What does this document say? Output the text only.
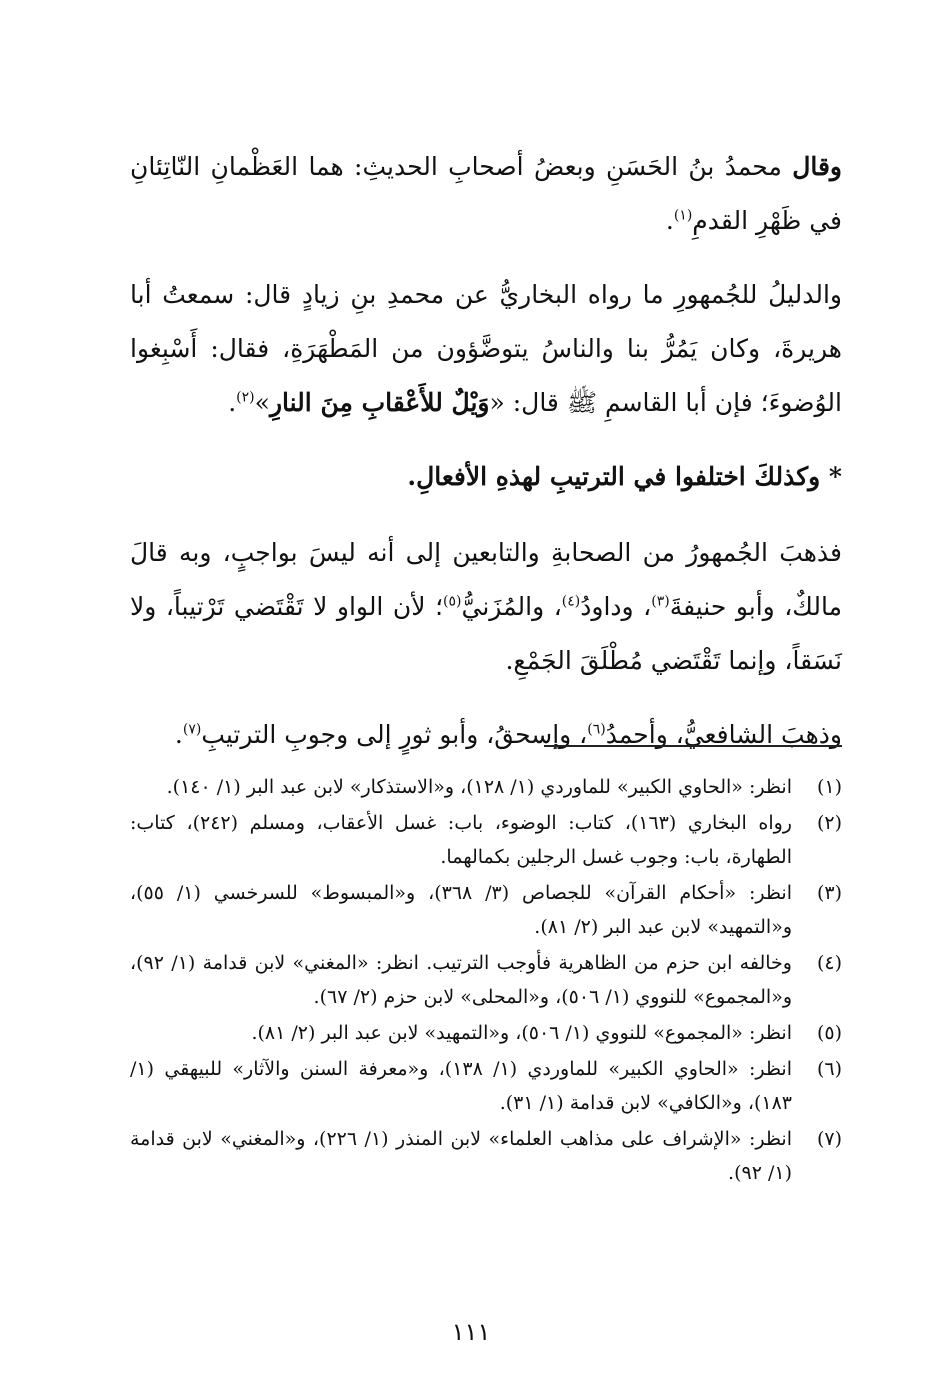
وقال محمدُ بنُ الحَسَنِ وبعضُ أصحابِ الحديثِ: هما العَظْمانِ النّاتِئانِ في ظَهْرِ القدمِ$^{(١)}$.

والدليلُ للجُمهورِ ما رواه البخاريُّ عن محمدِ بنِ زيادٍ قال: سمعتُ أبا هريرةَ، وكان يَمُرُّ بنا والناسُ يتوضَّؤون من المَطْهَرَةِ، فقال: أَسْبِغوا الوُضوءَ؛ فإن أبا القاسمِ ﷺ قال: «وَيْلٌ للأَعْقابِ مِنَ النارِ»$^{(٢)}$.

* وكذلكَ اختلفوا في الترتيبِ لهذهِ الأفعالِ.

فذهبَ الجُمهورُ من الصحابةِ والتابعين إلى أنه ليسَ بواجبٍ، وبه قالَ مالكٌ، وأبو حنيفةَ$^{(٣)}$، وداودُ$^{(٤)}$، والمُزَنيُّ$^{(٥)}$؛ لأن الواو لا تَقْتَضي تَرْتيباً، ولا نَسَقاً، وإنما تَقْتَضي مُطْلَقَ الجَمْعِ.

وذهبَ الشافعيُّ، وأحمدُ$^{(٦)}$، وإسحقُ، وأبو ثورٍ إلى وجوبِ الترتيبِ$^{(٧)}$.

(١)
انظر: «الحاوي الكبير» للماوردي (١/ ١٢٨)، و«الاستذكار» لابن عبد البر (١/ ١٤٠).
(٢)
رواه البخاري (١٦٣)، كتاب: الوضوء، باب: غسل الأعقاب، ومسلم (٢٤٢)، كتاب: الطهارة، باب: وجوب غسل الرجلين بكمالهما.
(٣)
انظر: «أحكام القرآن» للجصاص (٣/ ٣٦٨)، و«المبسوط» للسرخسي (١/ ٥٥)، و«التمهيد» لابن عبد البر (٢/ ٨١).
(٤)
وخالفه ابن حزم من الظاهرية فأوجب الترتيب. انظر: «المغني» لابن قدامة (١/ ٩٢)، و«المجموع» للنووي (١/ ٥٠٦)، و«المحلى» لابن حزم (٢/ ٦٧).
(٥)
انظر: «المجموع» للنووي (١/ ٥٠٦)، و«التمهيد» لابن عبد البر (٢/ ٨١).
(٦)
انظر: «الحاوي الكبير» للماوردي (١/ ١٣٨)، و«معرفة السنن والآثار» للبيهقي (١/ ١٨٣)، و«الكافي» لابن قدامة (١/ ٣١).
(٧)
انظر: «الإشراف على مذاهب العلماء» لابن المنذر (١/ ٢٢٦)، و«المغني» لابن قدامة (١/ ٩٢).
١١١
